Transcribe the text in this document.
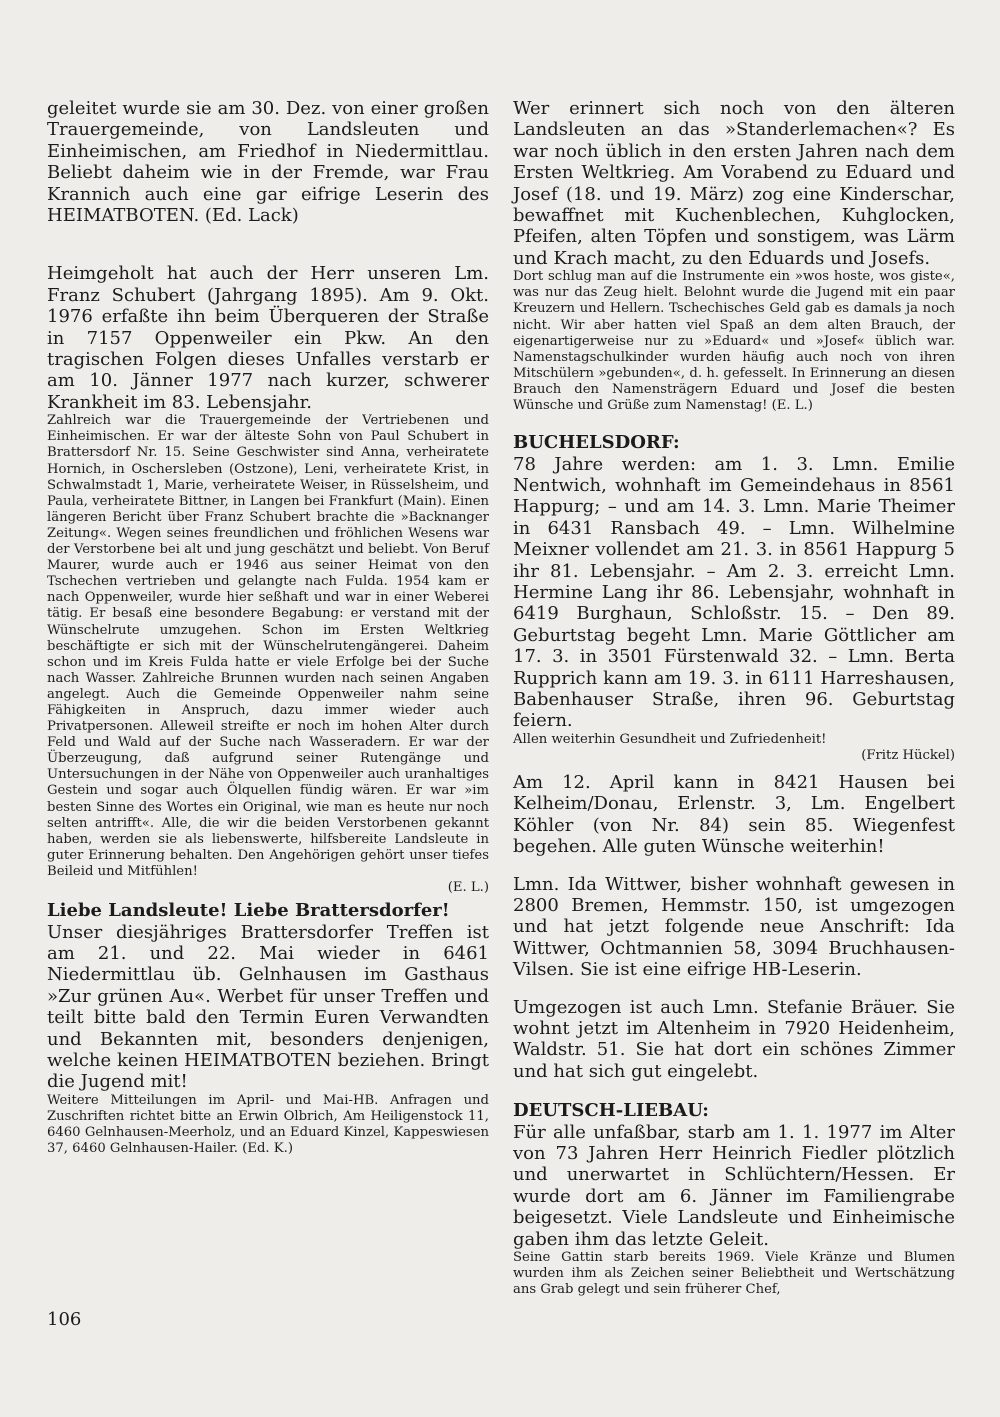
geleitet wurde sie am 30. Dez. von einer großen Trauergemeinde, von Landsleuten und Einheimischen, am Friedhof in Niedermittlau. Beliebt daheim wie in der Fremde, war Frau Krannich auch eine gar eifrige Leserin des HEIMATBOTEN. (Ed. Lack)

Heimgeholt hat auch der Herr unseren Lm. Franz Schubert (Jahrgang 1895). Am 9. Okt. 1976 erfaßte ihn beim Überqueren der Straße in 7157 Oppenweiler ein Pkw. An den tragischen Folgen dieses Unfalles verstarb er am 10. Jänner 1977 nach kurzer, schwerer Krankheit im 83. Lebensjahr.

Zahlreich war die Trauergemeinde der Vertriebenen und Einheimischen. Er war der älteste Sohn von Paul Schubert in Brattersdorf Nr. 15. Seine Geschwister sind Anna, verheiratete Hornich, in Oschersleben (Ostzone), Leni, verheiratete Krist, in Schwalmstadt 1, Marie, verheiratete Weiser, in Rüsselsheim, und Paula, verheiratete Bittner, in Langen bei Frankfurt (Main). Einen längeren Bericht über Franz Schubert brachte die »Backnanger Zeitung«. Wegen seines freundlichen und fröhlichen Wesens war der Verstorbene bei alt und jung geschätzt und beliebt. Von Beruf Maurer, wurde auch er 1946 aus seiner Heimat von den Tschechen vertrieben und gelangte nach Fulda. 1954 kam er nach Oppenweiler, wurde hier seßhaft und war in einer Weberei tätig. Er besaß eine besondere Begabung: er verstand mit der Wünschelrute umzugehen. Schon im Ersten Weltkrieg beschäftigte er sich mit der Wünschelrutengängerei. Daheim schon und im Kreis Fulda hatte er viele Erfolge bei der Suche nach Wasser. Zahlreiche Brunnen wurden nach seinen Angaben angelegt. Auch die Gemeinde Oppenweiler nahm seine Fähigkeiten in Anspruch, dazu immer wieder auch Privatpersonen. Alleweil streifte er noch im hohen Alter durch Feld und Wald auf der Suche nach Wasseradern. Er war der Überzeugung, daß aufgrund seiner Rutengänge und Untersuchungen in der Nähe von Oppenweiler auch uranhaltiges Gestein und sogar auch Ölquellen fündig wären. Er war »im besten Sinne des Wortes ein Original, wie man es heute nur noch selten antrifft«. Alle, die wir die beiden Verstorbenen gekannt haben, werden sie als liebenswerte, hilfsbereite Landsleute in guter Erinnerung behalten. Den Angehörigen gehört unser tiefes Beileid und Mitfühlen!

(E. L.)

Liebe Landsleute! Liebe Brattersdorfer!

Unser diesjähriges Brattersdorfer Treffen ist am 21. und 22. Mai wieder in 6461 Niedermittlau üb. Gelnhausen im Gasthaus »Zur grünen Au«. Werbet für unser Treffen und teilt bitte bald den Termin Euren Verwandten und Bekannten mit, besonders denjenigen, welche keinen HEIMATBOTEN beziehen. Bringt die Jugend mit!

Weitere Mitteilungen im April- und Mai-HB. Anfragen und Zuschriften richtet bitte an Erwin Olbrich, Am Heiligenstock 11, 6460 Gelnhausen-Meerholz, und an Eduard Kinzel, Kappeswiesen 37, 6460 Gelnhausen-Hailer. (Ed. K.)

Wer erinnert sich noch von den älteren Landsleuten an das »Standerlemachen«? Es war noch üblich in den ersten Jahren nach dem Ersten Weltkrieg. Am Vorabend zu Eduard und Josef (18. und 19. März) zog eine Kinderschar, bewaffnet mit Kuchenblechen, Kuhglocken, Pfeifen, alten Töpfen und sonstigem, was Lärm und Krach macht, zu den Eduards und Josefs.

Dort schlug man auf die Instrumente ein »wos hoste, wos giste«, was nur das Zeug hielt. Belohnt wurde die Jugend mit ein paar Kreuzern und Hellern. Tschechisches Geld gab es damals ja noch nicht. Wir aber hatten viel Spaß an dem alten Brauch, der eigenartigerweise nur zu »Eduard« und »Josef« üblich war. Namenstagschulkinder wurden häufig auch noch von ihren Mitschülern »gebunden«, d. h. gefesselt. In Erinnerung an diesen Brauch den Namensträgern Eduard und Josef die besten Wünsche und Grüße zum Namenstag! (E. L.)

BUCHELSDORF:

78 Jahre werden: am 1. 3. Lmn. Emilie Nentwich, wohnhaft im Gemeindehaus in 8561 Happurg; – und am 14. 3. Lmn. Marie Theimer in 6431 Ransbach 49. – Lmn. Wilhelmine Meixner vollendet am 21. 3. in 8561 Happurg 5 ihr 81. Lebensjahr. – Am 2. 3. erreicht Lmn. Hermine Lang ihr 86. Lebensjahr, wohnhaft in 6419 Burghaun, Schloßstr. 15. – Den 89. Geburtstag begeht Lmn. Marie Göttlicher am 17. 3. in 3501 Fürstenwald 32. – Lmn. Berta Rupprich kann am 19. 3. in 6111 Harreshausen, Babenhauser Straße, ihren 96. Geburtstag feiern.

Allen weiterhin Gesundheit und Zufriedenheit!

(Fritz Hückel)

Am 12. April kann in 8421 Hausen bei Kelheim/Donau, Erlenstr. 3, Lm. Engelbert Köhler (von Nr. 84) sein 85. Wiegenfest begehen. Alle guten Wünsche weiterhin!

Lmn. Ida Wittwer, bisher wohnhaft gewesen in 2800 Bremen, Hemmstr. 150, ist umgezogen und hat jetzt folgende neue Anschrift: Ida Wittwer, Ochtmannien 58, 3094 Bruchhausen-Vilsen. Sie ist eine eifrige HB-Leserin.

Umgezogen ist auch Lmn. Stefanie Bräuer. Sie wohnt jetzt im Altenheim in 7920 Heidenheim, Waldstr. 51. Sie hat dort ein schönes Zimmer und hat sich gut eingelebt.

DEUTSCH-LIEBAU:

Für alle unfaßbar, starb am 1. 1. 1977 im Alter von 73 Jahren Herr Heinrich Fiedler plötzlich und unerwartet in Schlüchtern/Hessen. Er wurde dort am 6. Jänner im Familiengrabe beigesetzt. Viele Landsleute und Einheimische gaben ihm das letzte Geleit.

Seine Gattin starb bereits 1969. Viele Kränze und Blumen wurden ihm als Zeichen seiner Beliebtheit und Wertschätzung ans Grab gelegt und sein früherer Chef,

106
